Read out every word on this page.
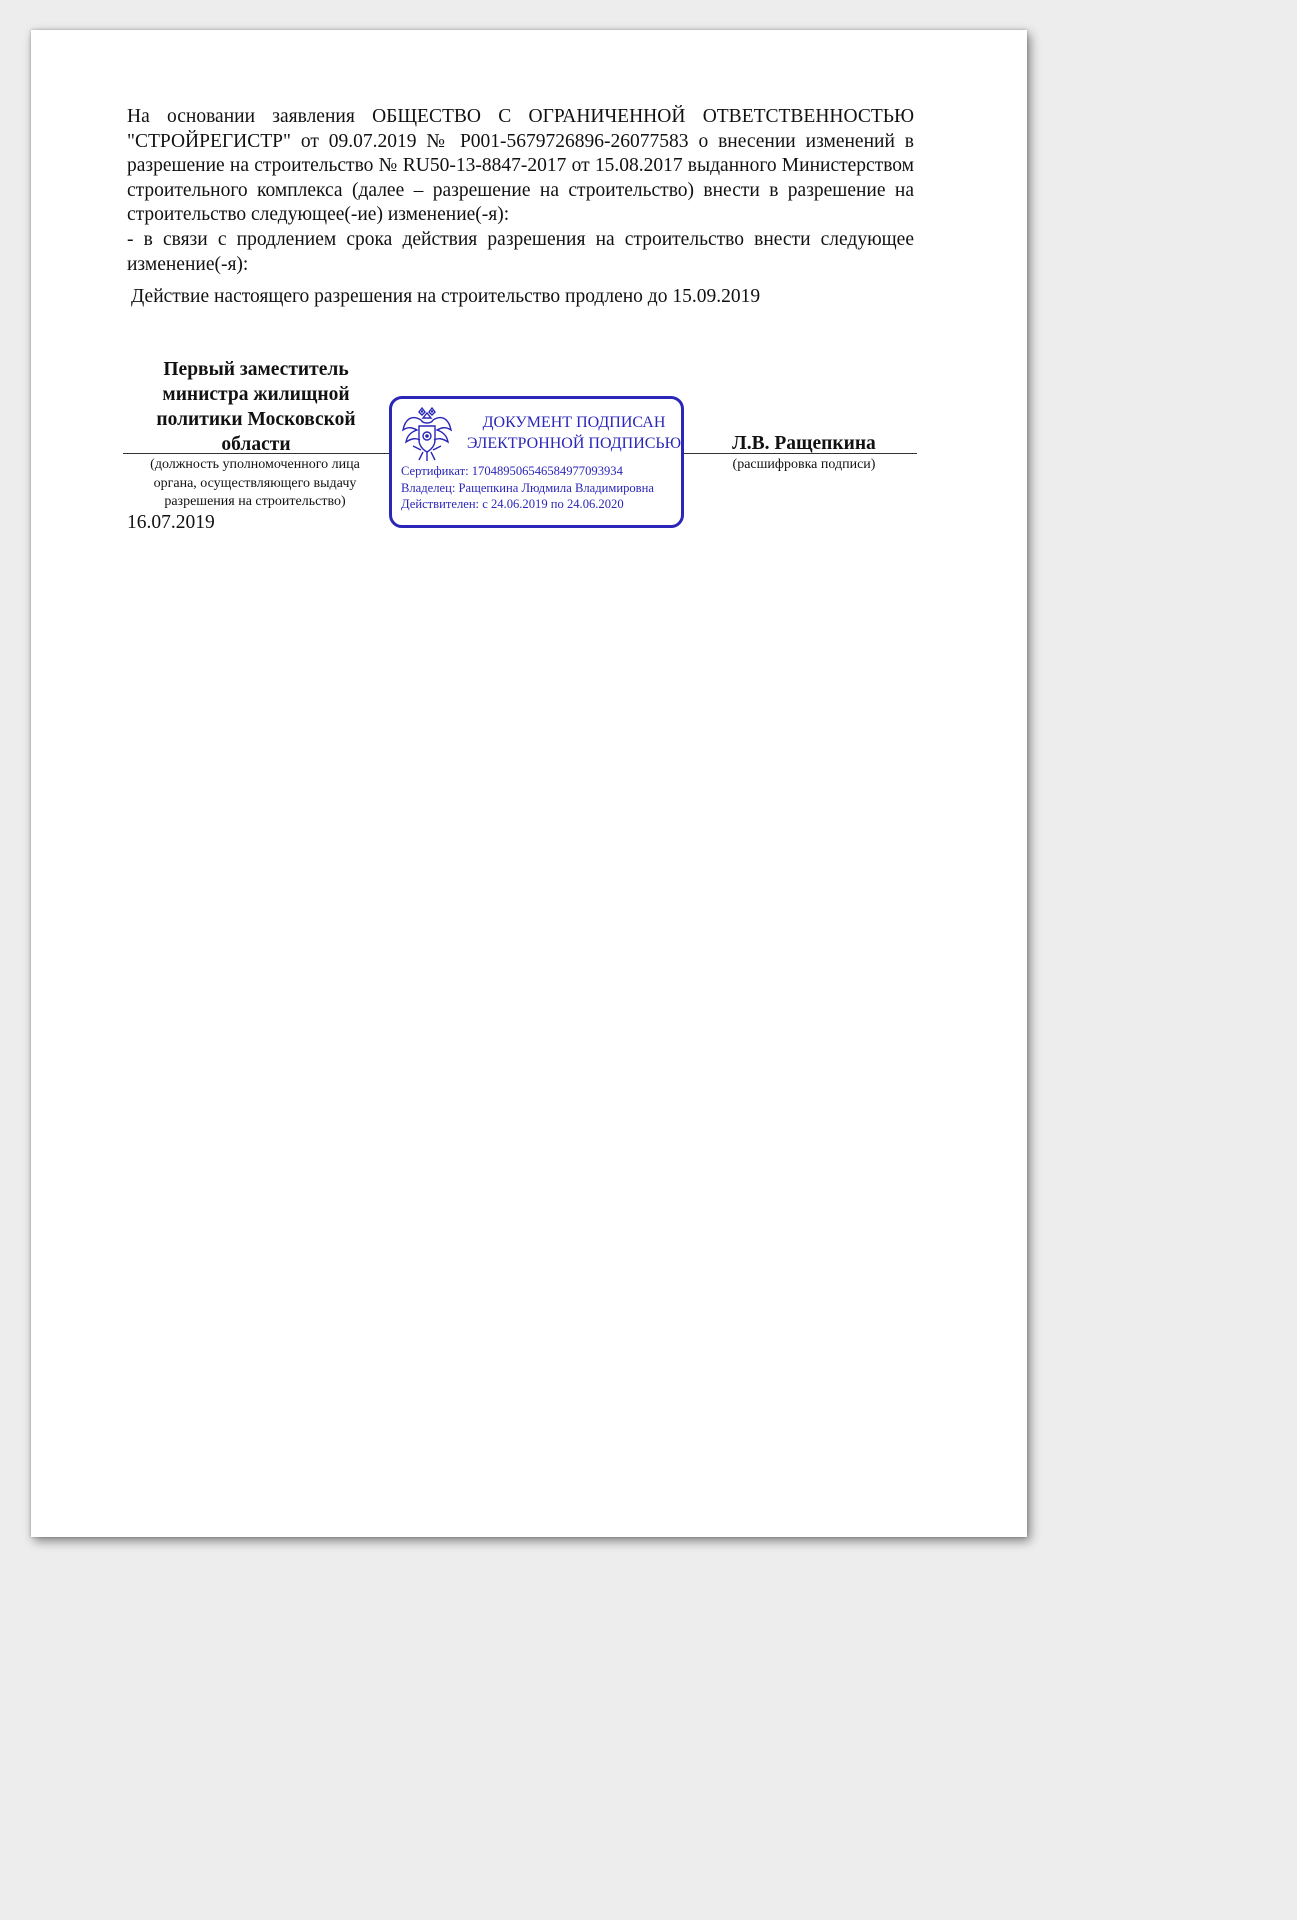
На основании заявления ОБЩЕСТВО С ОГРАНИЧЕННОЙ ОТВЕТСТВЕННОСТЬЮ "СТРОЙРЕГИСТР" от 09.07.2019 № P001-5679726896-26077583 о внесении изменений в разрешение на строительство № RU50-13-8847-2017 от 15.08.2017 выданного Министерством строительного комплекса (далее – разрешение на строительство) внести в разрешение на строительство следующее(-ие) изменение(-я):

- в связи с продлением срока действия разрешения на строительство внести следующее изменение(-я):

Действие настоящего разрешения на строительство продлено до 15.09.2019
Первый заместитель министра жилищной политики Московской области	Л.В. Ращепкина
(должность уполномоченного лица органа, осуществляющего выдачу разрешения на строительство)
(расшифровка подписи)
16.07.2019
ДОКУМЕНТ ПОДПИСАН
ЭЛЕКТРОННОЙ ПОДПИСЬЮ
Сертификат: 170489506546584977093934
Владелец: Ращепкина Людмила Владимировна
Действителен: с 24.06.2019 по 24.06.2020
